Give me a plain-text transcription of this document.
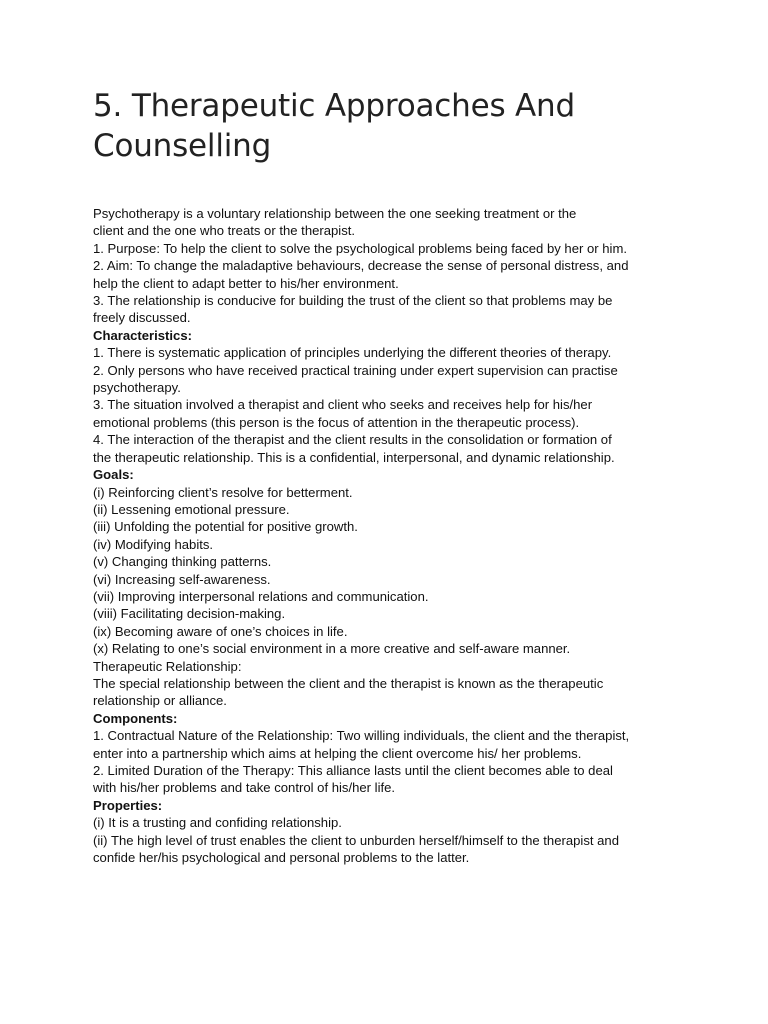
5. Therapeutic Approaches And Counselling
Psychotherapy is a voluntary relationship between the one seeking treatment or the
client and the one who treats or the therapist.
1. Purpose: To help the client to solve the psychological problems being faced by her or him.
2. Aim: To change the maladaptive behaviours, decrease the sense of personal distress, and
help the client to adapt better to his/her environment.
3. The relationship is conducive for building the trust of the client so that problems may be
freely discussed.
Characteristics:
1. There is systematic application of principles underlying the different theories of therapy.
2. Only persons who have received practical training under expert supervision can practise
psychotherapy.
3. The situation involved a therapist and client who seeks and receives help for his/her
emotional problems (this person is the focus of attention in the therapeutic process).
4. The interaction of the therapist and the client results in the consolidation or formation of
the therapeutic relationship. This is a confidential, interpersonal, and dynamic relationship.
Goals:
(i) Reinforcing client’s resolve for betterment.
(ii) Lessening emotional pressure.
(iii) Unfolding the potential for positive growth.
(iv) Modifying habits.
(v) Changing thinking patterns.
(vi) Increasing self-awareness.
(vii) Improving interpersonal relations and communication.
(viii) Facilitating decision-making.
(ix) Becoming aware of one’s choices in life.
(x) Relating to one’s social environment in a more creative and self-aware manner.
Therapeutic Relationship:
The special relationship between the client and the therapist is known as the therapeutic
relationship or alliance.
Components:
1. Contractual Nature of the Relationship: Two willing individuals, the client and the therapist,
enter into a partnership which aims at helping the client overcome his/ her problems.
2. Limited Duration of the Therapy: This alliance lasts until the client becomes able to deal
with his/her problems and take control of his/her life.
Properties:
(i) It is a trusting and confiding relationship.
(ii) The high level of trust enables the client to unburden herself/himself to the therapist and
confide her/his psychological and personal problems to the latter.
